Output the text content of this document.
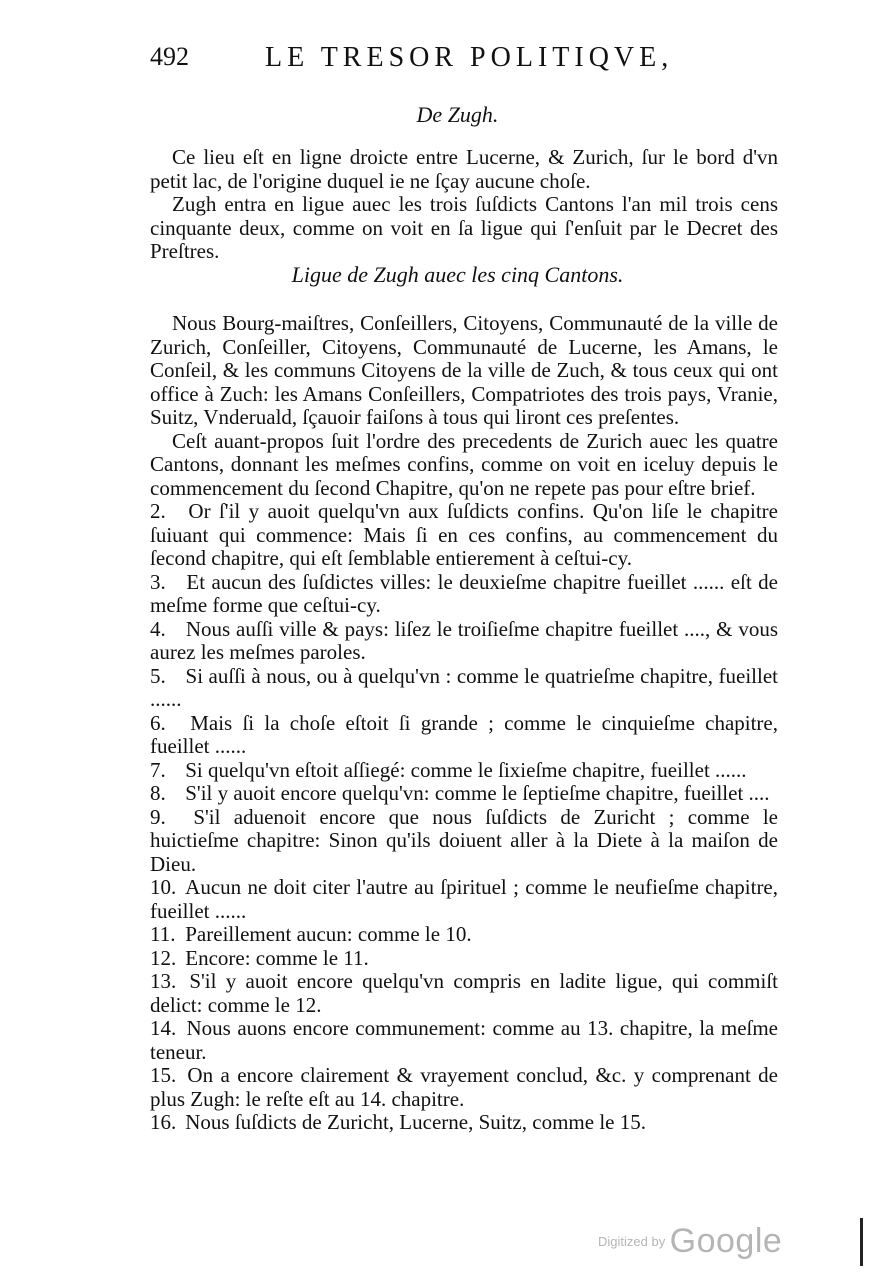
492	LE TRESOR POLITIQVE,
De Zugh.

Ce lieu eſt en ligne droicte entre Lucerne, & Zurich, ſur le bord d'vn petit lac, de l'origine duquel ie ne ſçay aucune choſe.

Zugh entra en ligue auec les trois ſuſdicts Cantons l'an mil trois cens cinquante deux, comme on voit en ſa ligue qui ſ'enſuit par le Decret des Preſtres.

Ligue de Zugh auec les cinq Cantons.

Nous Bourg-maiſtres, Conſeillers, Citoyens, Communauté de la ville de Zurich, Conſeiller, Citoyens, Communauté de Lucerne, les Amans, le Conſeil, & les communs Citoyens de la ville de Zuch, & tous ceux qui ont office à Zuch: les Amans Conſeillers, Compatriotes des trois pays, Vranie, Suitz, Vnderuald, ſçauoir faiſons à tous qui liront ces preſentes.

Ceſt auant-propos ſuit l'ordre des precedents de Zurich auec les quatre Cantons, donnant les meſmes confins, comme on voit en iceluy depuis le commencement du ſecond Chapitre, qu'on ne repete pas pour eſtre brief.

2. Or ſ'il y auoit quelqu'vn aux ſuſdicts confins. Qu'on liſe le chapitre ſuiuant qui commence: Mais ſi en ces confins, au commencement du ſecond chapitre, qui eſt ſemblable entierement à ceſtui-cy.
3. Et aucun des ſuſdictes villes: le deuxieſme chapitre fueillet ...... eſt de meſme forme que ceſtui-cy.
4. Nous auſſi ville & pays: liſez le troiſieſme chapitre fueillet ...., & vous aurez les meſmes paroles.
5. Si auſſi à nous, ou à quelqu'vn : comme le quatrieſme chapitre, fueillet ......
6. Mais ſi la choſe eſtoit ſi grande ; comme le cinquieſme chapitre, fueillet ......
7. Si quelqu'vn eſtoit aſſiegé: comme le ſixieſme chapitre, fueillet ......
8. S'il y auoit encore quelqu'vn: comme le ſeptieſme chapitre, fueillet ....
9. S'il aduenoit encore que nous ſuſdicts de Zuricht ; comme le huictieſme chapitre: Sinon qu'ils doiuent aller à la Diete à la maiſon de Dieu.
10. Aucun ne doit citer l'autre au ſpirituel ; comme le neufieſme chapitre, fueillet ......
11. Pareillement aucun: comme le 10.
12. Encore: comme le 11.
13. S'il y auoit encore quelqu'vn compris en ladite ligue, qui commiſt delict: comme le 12.
14. Nous auons encore communement: comme au 13. chapitre, la meſme teneur.
15. On a encore clairement & vrayement conclud, &c. y comprenant de plus Zugh: le reſte eſt au 14. chapitre.
16. Nous ſuſdicts de Zuricht, Lucerne, Suitz, comme le 15.
$^{Digitized by}$ Google
